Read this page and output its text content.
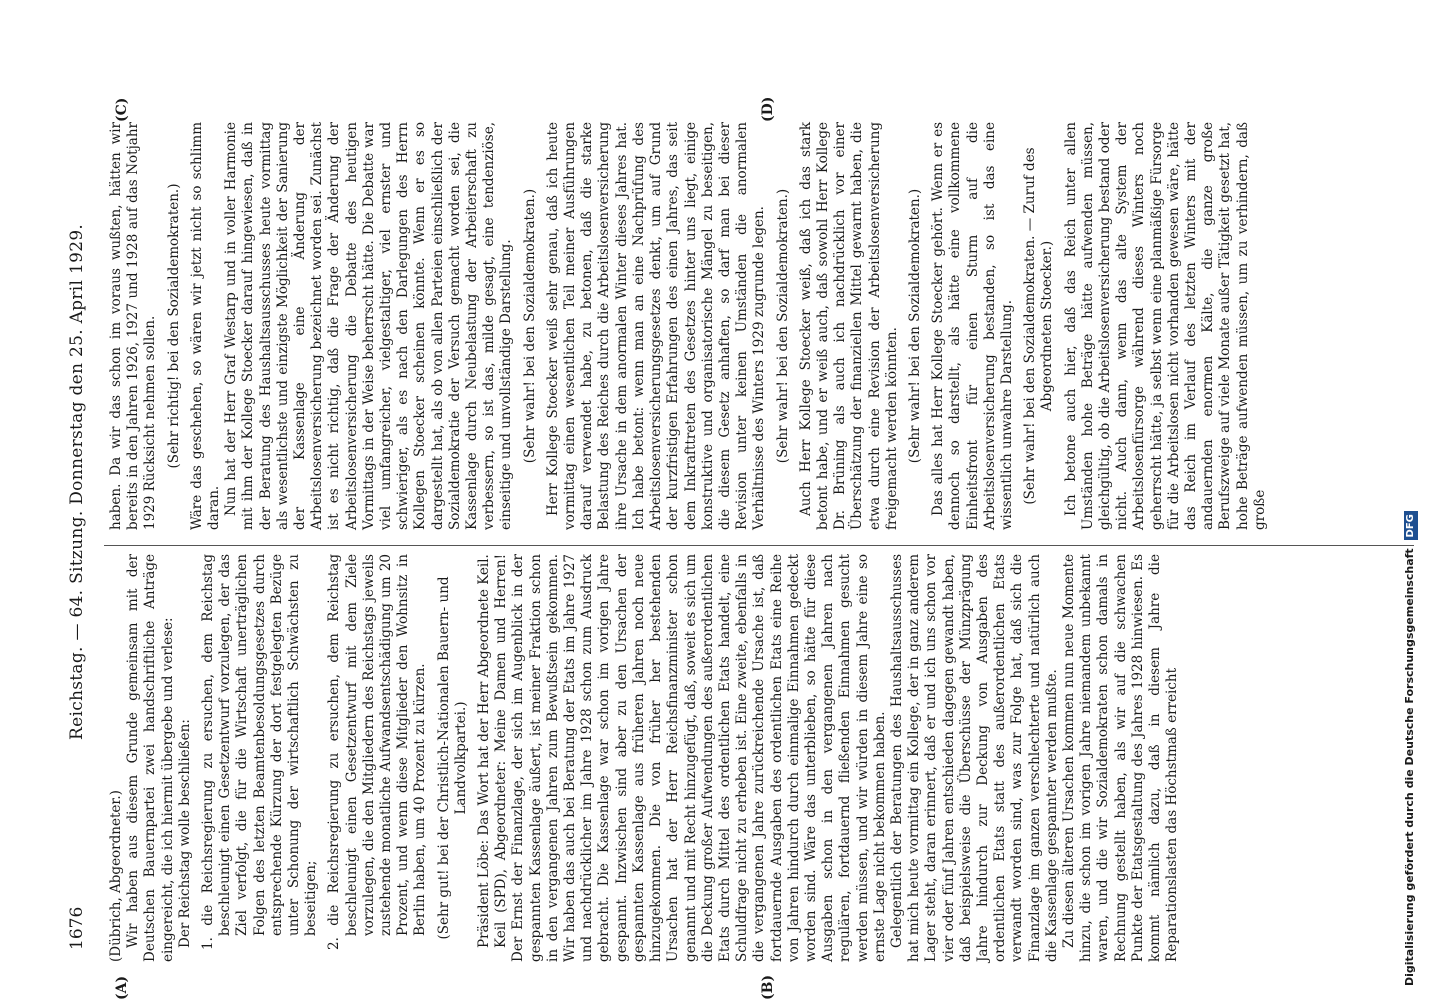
1676
Reichstag. — 64. Sitzung. Donnerstag den 25. April 1929.
(A)	(B)
(C)	(D)

(Dübrich, Abgeordneter.) Wir haben aus diesem Grunde gemeinsam mit der Deutschen Bauernpartei zwei handschriftliche Anträge eingereicht, die ich hiermit übergebe und verlese: Der Reichstag wolle beschließen: 1. die Reichsregierung zu ersuchen, dem Reichstag beschleunigt einen Gesetzentwurf vorzulegen, der das Ziel verfolgt, die für die Wirtschaft unerträglichen Folgen des letzten Beamtenbesoldungsgesetzes durch entsprechende Kürzung der dort festgelegten Bezüge unter Schonung der wirtschaftlich Schwächsten zu beseitigen; 2. die Reichsregierung zu ersuchen, dem Reichstag beschleunigt einen Gesetzentwurf mit dem Ziele vorzulegen, die den Mitgliedern des Reichstags jeweils zustehende monatliche Aufwandsentschädigung um 20 Prozent, und wenn diese Mitglieder den Wohnsitz in Berlin haben, um 40 Prozent zu kürzen. (Sehr gut! bei der Christlich-Nationalen Bauern- und Landvolkpartei.) Präsident Löbe: Das Wort hat der Herr Abgeordnete Keil. Keil (SPD), Abgeordneter: Meine Damen und Herren! Der Ernst der Finanzlage, der sich im Augenblick in der gespannten Kassenlage äußert, ist meiner Fraktion schon in den vergangenen Jahren zum Bewußtsein gekommen. Wir haben das auch bei Beratung der Etats im Jahre 1927 und nachdrücklicher im Jahre 1928 schon zum Ausdruck gebracht. Die Kassenlage war schon im vorigen Jahre gespannt. Inzwischen sind aber zu den Ursachen der gespannten Kassenlage aus früheren Jahren noch neue hinzugekommen. Die von früher her bestehenden Ursachen hat der Herr Reichsfinanzminister schon genannt und mit Recht hinzugefügt, daß, soweit es sich um die Deckung großer Aufwendungen des außerordentlichen Etats durch Mittel des ordentlichen Etats handelt, eine Schuldfrage nicht zu erheben ist. Eine zweite, ebenfalls in die vergangenen Jahre zurückreichende Ursache ist, daß fortdauernde Ausgaben des ordentlichen Etats eine Reihe von Jahren hindurch durch einmalige Einnahmen gedeckt worden sind. Wäre das unterblieben, so hätte für diese Ausgaben schon in den vergangenen Jahren nach regulären, fortdauernd fließenden Einnahmen gesucht werden müssen, und wir würden in diesem Jahre eine so ernste Lage nicht bekommen haben. Gelegentlich der Beratungen des Haushaltsausschusses hat mich heute vormittag ein Kollege, der in ganz anderem Lager steht, daran erinnert, daß er und ich uns schon vor vier oder fünf Jahren entschieden dagegen gewandt haben, daß beispielsweise die Überschüsse der Münzprägung Jahre hindurch zur Deckung von Ausgaben des ordentlichen Etats statt des außerordentlichen Etats verwandt worden sind, was zur Folge hat, daß sich die Finanzlage im ganzen verschlechterte und natürlich auch die Kassenlage gespannter werden mußte. Zu diesen älteren Ursachen kommen nun neue Momente hinzu, die schon im vorigen Jahre niemandem unbekannt waren, und die wir Sozialdemokraten schon damals in Rechnung gestellt haben, als wir auf die schwachen Punkte der Etatsgestaltung des Jahres 1928 hinwiesen. Es kommt nämlich dazu, daß in diesem Jahre die Reparationslasten das Höchstmaß erreicht

haben. Da wir das schon im voraus wußten, hätten wir bereits in den Jahren 1926, 1927 und 1928 auf das Notjahr 1929 Rücksicht nehmen sollen. (Sehr richtig! bei den Sozialdemokraten.) Wäre das geschehen, so wären wir jetzt nicht so schlimm daran. Nun hat der Herr Graf Westarp und in voller Harmonie mit ihm der Kollege Stoecker darauf hingewiesen, daß in der Beratung des Haushaltsausschusses heute vormittag als wesentlichste und einzigste Möglichkeit der Sanierung der Kassenlage eine Änderung der Arbeitslosenversicherung bezeichnet worden sei. Zunächst ist es nicht richtig, daß die Frage der Änderung der Arbeitslosenversicherung die Debatte des heutigen Vormittags in der Weise beherrscht hätte. Die Debatte war viel umfangreicher, vielgestaltiger, viel ernster und schwieriger, als es nach den Darlegungen des Herrn Kollegen Stoecker scheinen könnte. Wenn er es so dargestellt hat, als ob von allen Parteien einschließlich der Sozialdemokratie der Versuch gemacht worden sei, die Kassenlage durch Neubelastung der Arbeiterschaft zu verbessern, so ist das, milde gesagt, eine tendenziöse, einseitige und unvollständige Darstellung. (Sehr wahr! bei den Sozialdemokraten.) Herr Kollege Stoecker weiß sehr genau, daß ich heute vormittag einen wesentlichen Teil meiner Ausführungen darauf verwendet habe, zu betonen, daß die starke Belastung des Reiches durch die Arbeitslosenversicherung ihre Ursache in dem anormalen Winter dieses Jahres hat. Ich habe betont: wenn man an eine Nachprüfung des Arbeitslosenversicherungsgesetzes denkt, um auf Grund der kurzfristigen Erfahrungen des einen Jahres, das seit dem Inkrafttreten des Gesetzes hinter uns liegt, einige konstruktive und organisatorische Mängel zu beseitigen, die diesem Gesetz anhaften, so darf man bei dieser Revision unter keinen Umständen die anormalen Verhältnisse des Winters 1929 zugrunde legen. (Sehr wahr! bei den Sozialdemokraten.) Auch Herr Kollege Stoecker weiß, daß ich das stark betont habe, und er weiß auch, daß sowohl Herr Kollege Dr. Brüning als auch ich nachdrücklich vor einer Überschätzung der finanziellen Mittel gewarnt haben, die etwa durch eine Revision der Arbeitslosenversicherung freigemacht werden könnten. (Sehr wahr! bei den Sozialdemokraten.) Das alles hat Herr Kollege Stoecker gehört. Wenn er es dennoch so darstellt, als hätte eine vollkommene Einheitsfront für einen Sturm auf die Arbeitslosenversicherung bestanden, so ist das eine wissentlich unwahre Darstellung. (Sehr wahr! bei den Sozialdemokraten. — Zuruf des Abgeordneten Stoecker.) Ich betone auch hier, daß das Reich unter allen Umständen hohe Beträge hätte aufwenden müssen, gleichgültig, ob die Arbeitslosenversicherung bestand oder nicht. Auch dann, wenn das alte System der Arbeitslosenfürsorge während dieses Winters noch geherrscht hätte, ja selbst wenn eine planmäßige Fürsorge für die Arbeitslosen nicht vorhanden gewesen wäre, hätte das Reich im Verlauf des letzten Winters mit der andauernden enormen Kälte, die ganze große Berufszweige auf viele Monate außer Tätigkeit gesetzt hat, hohe Beträge aufwenden müssen, um zu verhindern, daß große

Digitalisierung gefördert durch die Deutsche Forschungsgemeinschaft DFG
